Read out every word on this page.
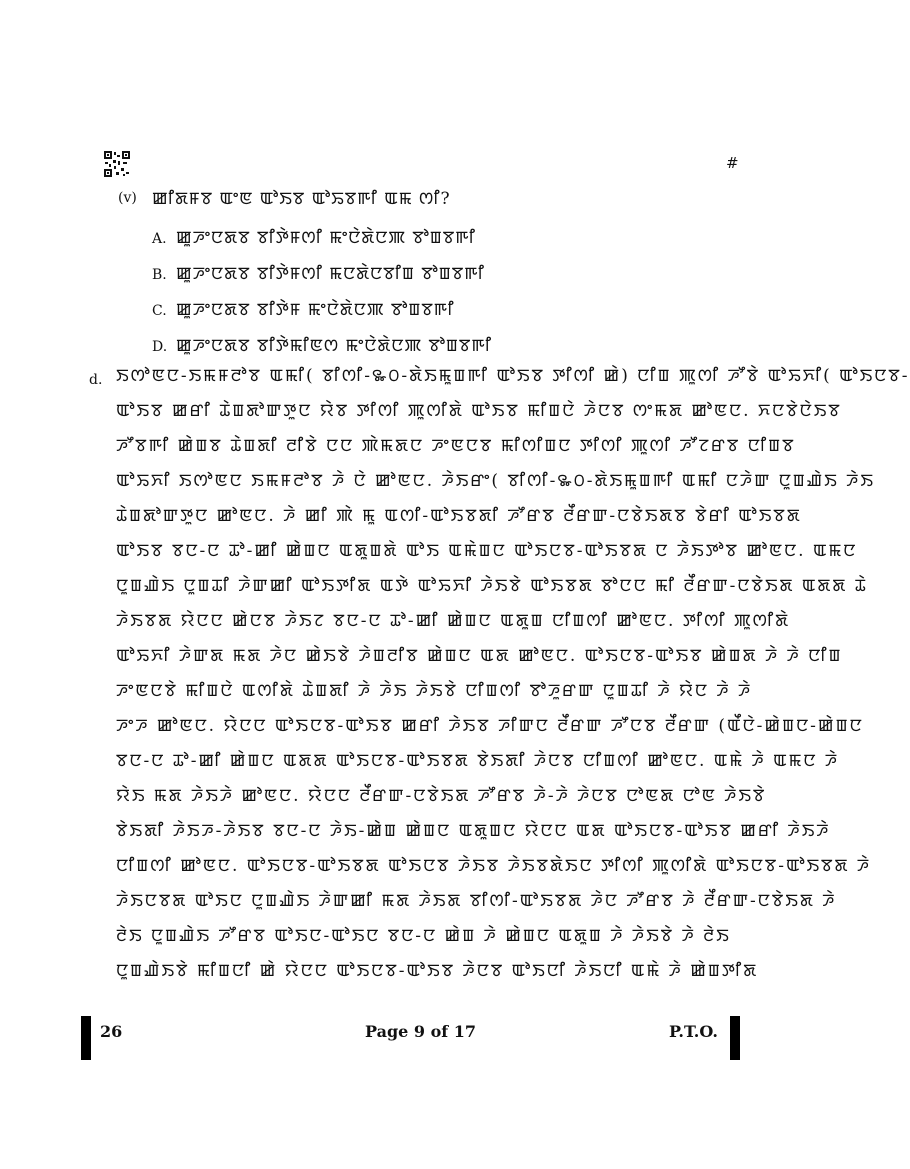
#
(v) ꯀꯤꯗꯝꯕ ꯑꯦꯟ ꯑꯣꯏꯕ ꯑꯣꯢꯕꯒꯤ ꯑꯃ ꯁꯤ?
A. ꯀꯨꯍꯦꯅꯗꯕ ꯕꯤꯇꯥꯝꯁꯤ ꯃꯦꯅꯥꯗꯥꯅꯄ ꯕꯣꯡꯕꯒꯤ
B. ꯀꯨꯍꯦꯅꯗꯕ ꯕꯤꯇꯥꯝꯁꯤ ꯃꯅꯗꯥꯅꯕꯤꯡ ꯕꯣꯡꯕꯒꯤ
C. ꯀꯨꯍꯦꯅꯗꯕ ꯕꯤꯇꯥꯝ ꯃꯦꯅꯥꯗꯥꯅꯄ ꯕꯣꯡꯕꯒꯤ
D. ꯀꯨꯍꯦꯅꯗꯕ ꯕꯤꯇꯥꯃꯤꯟꯁ ꯃꯦꯅꯥꯗꯥꯅꯄ ꯕꯣꯡꯕꯒꯤ
d. ꯏꯁꯣꯟꯅ-ꯏꯃꯝꯂꯣꯕ ꯑꯃꯤ( ꯕꯤꯁꯤ-꯳꯰-ꯗꯥꯏꯃꯨꯡꯒꯤ ꯑꯣꯏꯕ ꯇꯤꯁꯤ ꯀꯥ) ꯅꯤꯡ ꯄꯨꯁꯤ ꯍꯧꯕꯥ ꯑꯣꯢꯈꯤ( ꯑꯣꯏꯅꯕ-
ꯑꯣꯏꯕ ꯀꯔꯤ ꯊꯥꯡꯗꯣꯛꯇꯨꯅ ꯌꯥꯕ ꯇꯤꯁꯤ ꯄꯨꯁꯤꯗꯥ ꯑꯣꯏꯕ ꯃꯤꯡꯅꯥ ꯍꯥꯅꯕ ꯁꯦꯃꯗ ꯀꯣꯟꯅ. ꯈꯅꯕꯥꯅꯥꯏꯕ
ꯍꯧꯕꯒꯤ ꯀꯥꯡꯕ ꯊꯥꯡꯗꯤ ꯂꯤꯕꯥ ꯅꯅ ꯄꯥꯃꯗꯅ ꯍꯦꯟꯅꯕ ꯃꯤꯁꯤꯡꯅ ꯇꯤꯁꯤ ꯄꯨꯁꯤ ꯍꯧꯖꯔꯕ ꯅꯤꯡꯕ
ꯑꯣꯢꯈꯤ ꯏꯁꯣꯟꯅ ꯏꯃꯝꯂꯣꯕ ꯍꯥ ꯅꯥ ꯀꯣꯟꯅ. ꯍꯥꯏꯔꯦ( ꯕꯤꯁꯤ-꯳꯰-ꯗꯥꯏꯃꯨꯡꯒꯤ ꯑꯃꯤ ꯅꯍꯥꯛ ꯅꯨꯡꯉꯥꯏ ꯍꯥꯏ
ꯊꯥꯡꯗꯣꯛꯇꯨꯅ ꯀꯣꯟꯅ. ꯍꯥ ꯀꯤ ꯄꯥ ꯃꯨ ꯑꯁꯤ-ꯑꯣꯏꯕꯗꯤ ꯍꯧꯔꯕ ꯂꯩꯔꯛ-ꯅꯕꯥꯏꯗꯕ ꯕꯥꯔꯤ ꯑꯣꯏꯕꯗ
ꯑꯣꯏꯕ ꯕꯅ-ꯅ ꯊꯣ-ꯀꯤ ꯀꯥꯡꯅ ꯑꯗꯨꯡꯗꯥ ꯑꯣꯏ ꯑꯃꯥꯡꯅ ꯑꯣꯏꯅꯕ-ꯑꯣꯏꯕꯗ ꯅ ꯍꯥꯏꯇꯣꯕ ꯀꯣꯟꯅ. ꯑꯃꯅ
ꯅꯨꯡꯉꯥꯏ ꯅꯨꯡꯊꯤ ꯍꯥꯛꯀꯤ ꯑꯣꯏꯇꯤꯗ ꯑꯇꯥ ꯑꯣꯢꯈꯤ ꯍꯥꯏꯕꯥ ꯑꯣꯏꯕꯗ ꯕꯣꯅꯅ ꯃꯤ ꯂꯩꯔꯛ-ꯅꯕꯥꯏꯗ ꯑꯗꯗ ꯊꯥ
ꯍꯥꯏꯕꯗ ꯌꯥꯅꯅ ꯀꯥꯅꯕ ꯍꯥꯏꯖ ꯕꯅ-ꯅ ꯊꯣ-ꯀꯤ ꯀꯥꯡꯅ ꯑꯗꯨꯡ ꯅꯤꯡꯁꯤ ꯀꯣꯟꯅ. ꯇꯤꯁꯤ ꯄꯨꯁꯤꯗꯥ
ꯑꯣꯢꯈꯤ ꯍꯥꯛꯗ ꯃꯗ ꯍꯥꯅ ꯀꯥꯏꯕꯥ ꯍꯥꯡꯂꯤꯕ ꯀꯥꯡꯅ ꯑꯗ ꯀꯣꯟꯅ. ꯑꯣꯏꯅꯕ-ꯑꯣꯏꯕ ꯀꯥꯡꯗ ꯍꯥ ꯍꯥ ꯅꯤꯡ
ꯍꯦꯟꯅꯕꯥ ꯃꯤꯡꯅꯥ ꯑꯁꯤꯗꯥ ꯊꯥꯡꯗꯤ ꯍꯥ ꯍꯥꯏ ꯍꯥꯏꯕꯥ ꯅꯤꯡꯁꯤ ꯕꯣꯍꯨꯔꯛ ꯅꯨꯡꯊꯤ ꯍꯥ ꯌꯥꯅ ꯍꯥ ꯍꯥ
ꯍꯦꯍ ꯀꯣꯟꯅ. ꯌꯥꯅꯅ ꯑꯣꯏꯅꯕ-ꯑꯣꯏꯕ ꯀꯔꯤ ꯍꯥꯏꯕ ꯍꯤꯛꯅ ꯂꯩꯔꯛ ꯍꯧꯅꯕ ꯂꯩꯔꯛ (ꯑꯩꯅꯥ-ꯀꯥꯡꯅ-ꯀꯥꯡꯅ
ꯕꯅ-ꯅ ꯊꯣ-ꯀꯤ ꯀꯥꯡꯅ ꯑꯗꯗ ꯑꯣꯏꯅꯕ-ꯑꯣꯏꯕꯗ ꯕꯥꯏꯗꯤ ꯍꯥꯅꯕ ꯅꯤꯡꯁꯤ ꯀꯣꯟꯅ. ꯑꯃꯥ ꯍꯥ ꯑꯃꯅ ꯍꯥ
ꯌꯥꯏ ꯃꯗ ꯍꯥꯏꯍꯥ ꯀꯣꯟꯅ. ꯌꯥꯅꯅ ꯂꯩꯔꯛ-ꯅꯕꯥꯏꯗ ꯍꯧꯔꯕ ꯍꯥ-ꯍꯥ ꯍꯥꯅꯕ ꯅꯣꯟꯗ ꯅꯣꯟ ꯍꯥꯏꯕꯥ
ꯕꯥꯏꯗꯤ ꯍꯥꯏꯍ-ꯍꯥꯏꯕ ꯕꯅ-ꯅ ꯍꯥꯏ-ꯀꯥꯡ ꯀꯥꯡꯅ ꯑꯗꯨꯡꯅ ꯌꯥꯅꯅ ꯑꯗ ꯑꯣꯏꯅꯕ-ꯑꯣꯏꯕ ꯀꯔꯤ ꯍꯥꯏꯍꯥ
ꯅꯤꯡꯁꯤ ꯀꯣꯟꯅ. ꯑꯣꯏꯅꯕ-ꯑꯣꯏꯕꯗ ꯑꯣꯏꯅꯕ ꯍꯥꯏꯕ ꯍꯥꯏꯕꯗꯥꯏꯅ ꯇꯤꯁꯤ ꯄꯨꯁꯤꯗꯥ ꯑꯣꯏꯅꯕ-ꯑꯣꯏꯕꯗ ꯍꯥ
ꯍꯥꯏꯅꯕꯗ ꯑꯣꯏꯅ ꯅꯨꯡꯉꯥꯏ ꯍꯥꯛꯀꯤ ꯃꯗ ꯍꯥꯏꯗ ꯕꯤꯁꯤ-ꯑꯣꯏꯕꯗ ꯍꯥꯅ ꯍꯧꯔꯕ ꯍꯥ ꯂꯩꯔꯛ-ꯅꯕꯥꯏꯗ ꯍꯥ
ꯂꯥꯏ ꯅꯨꯡꯉꯥꯏ ꯍꯧꯔꯕ ꯑꯣꯏꯅ-ꯑꯣꯏꯅ ꯕꯅ-ꯅ ꯀꯥꯡ ꯍꯥ ꯀꯥꯡꯅ ꯑꯗꯨꯡ ꯍꯥ ꯍꯥꯏꯕꯥ ꯍꯥ ꯂꯥꯏ
ꯅꯨꯡꯉꯥꯏꯕꯥ ꯃꯤꯡꯅꯤ ꯀꯥ ꯌꯥꯅꯅ ꯑꯣꯏꯅꯕ-ꯑꯣꯏꯕ ꯍꯥꯅꯕ ꯑꯣꯏꯅꯤ ꯍꯥꯏꯅꯤ ꯑꯃꯥ ꯍꯥ ꯀꯥꯡꯇꯤꯗ
26	Page 9 of 17	P.T.O.
